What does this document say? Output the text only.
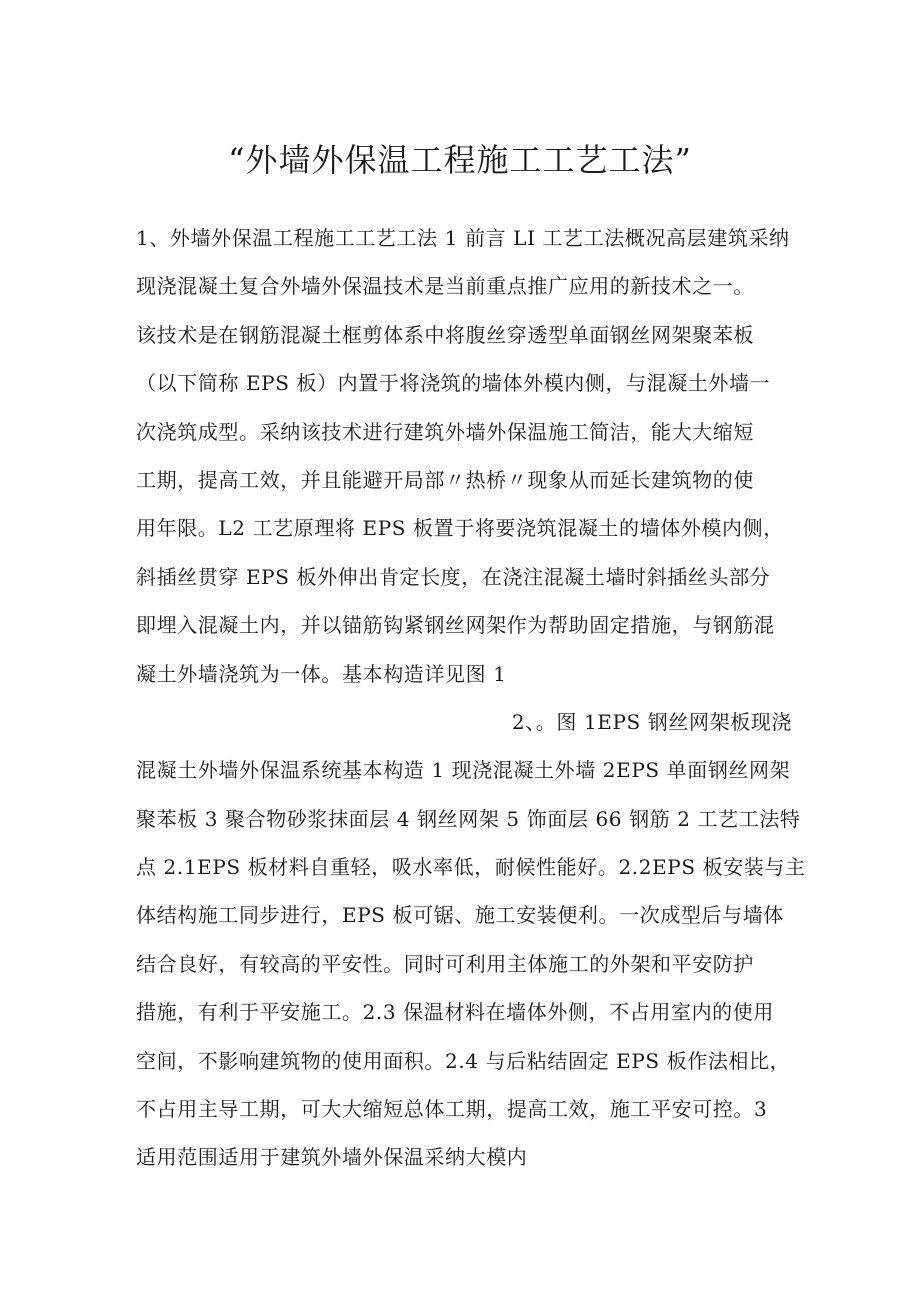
“外墙外保温工程施工工艺工法”
1、外墙外保温工程施工工艺工法 1 前言 LI 工艺工法概况高层建筑采纳
现浇混凝土复合外墙外保温技术是当前重点推广应用的新技术之一。
该技术是在钢筋混凝土框剪体系中将腹丝穿透型单面钢丝网架聚苯板
（以下简称 EPS 板）内置于将浇筑的墙体外模内侧，与混凝土外墙一
次浇筑成型。采纳该技术进行建筑外墙外保温施工简洁，能大大缩短
工期，提高工效，并且能避开局部〃热桥〃现象从而延长建筑物的使
用年限。L2 工艺原理将 EPS 板置于将要浇筑混凝土的墙体外模内侧，
斜插丝贯穿 EPS 板外伸出肯定长度，在浇注混凝土墙时斜插丝头部分
即埋入混凝土内，并以锚筋钩紧钢丝网架作为帮助固定措施，与钢筋混
凝土外墙浇筑为一体。基本构造详见图 1
2、。图 1EPS 钢丝网架板现浇
混凝土外墙外保温系统基本构造 1 现浇混凝土外墙 2EPS 单面钢丝网架
聚苯板 3 聚合物砂浆抹面层 4 钢丝网架 5 饰面层 66 钢筋 2 工艺工法特
点 2.1EPS 板材料自重轻，吸水率低，耐候性能好。2.2EPS 板安装与主
体结构施工同步进行，EPS 板可锯、施工安装便利。一次成型后与墙体
结合良好，有较高的平安性。同时可利用主体施工的外架和平安防护
措施，有利于平安施工。2.3 保温材料在墙体外侧，不占用室内的使用
空间，不影响建筑物的使用面积。2.4 与后粘结固定 EPS 板作法相比，
不占用主导工期，可大大缩短总体工期，提高工效，施工平安可控。3
适用范围适用于建筑外墙外保温采纳大模内
